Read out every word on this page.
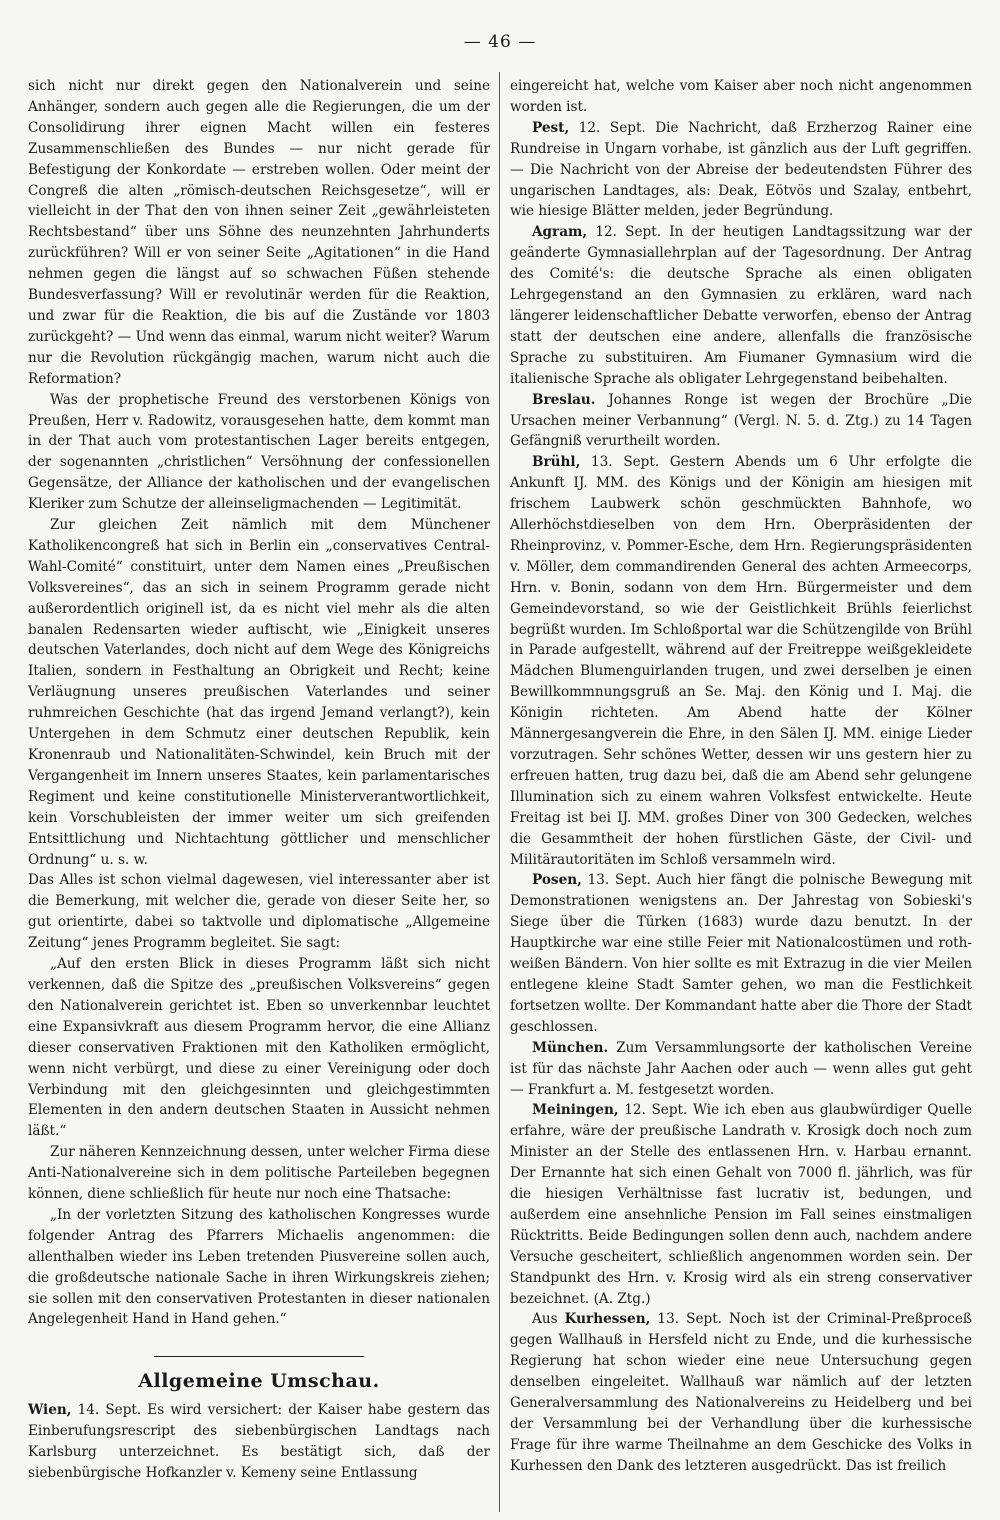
— 46 —

sich nicht nur direkt gegen den Nationalverein und seine Anhänger, sondern auch gegen alle die Regierungen, die um der Consolidirung ihrer eignen Macht willen ein festeres Zusammenschließen des Bundes — nur nicht gerade für Befestigung der Konkordate — erstreben wollen. Oder meint der Congreß die alten „römisch-deutschen Reichsgesetze“, will er vielleicht in der That den von ihnen seiner Zeit „gewährleisteten Rechtsbestand“ über uns Söhne des neunzehnten Jahrhunderts zurückführen? Will er von seiner Seite „Agitationen“ in die Hand nehmen gegen die längst auf so schwachen Füßen stehende Bundesverfassung? Will er revolutinär werden für die Reaktion, und zwar für die Reaktion, die bis auf die Zustände vor 1803 zurückgeht? — Und wenn das einmal, warum nicht weiter? Warum nur die Revolution rückgängig machen, warum nicht auch die Reformation?

Was der prophetische Freund des verstorbenen Königs von Preußen, Herr v. Radowitz, vorausgesehen hatte, dem kommt man in der That auch vom protestantischen Lager bereits entgegen, der sogenannten „christlichen“ Versöhnung der confessionellen Gegensätze, der Alliance der katholischen und der evangelischen Kleriker zum Schutze der alleinseligmachenden — Legitimität.

Zur gleichen Zeit nämlich mit dem Münchener Katholikencongreß hat sich in Berlin ein „conservatives Central-Wahl-Comité“ constituirt, unter dem Namen eines „Preußischen Volksvereines“, das an sich in seinem Programm gerade nicht außerordentlich originell ist, da es nicht viel mehr als die alten banalen Redensarten wieder auftischt, wie „Einigkeit unseres deutschen Vaterlandes, doch nicht auf dem Wege des Königreichs Italien, sondern in Festhaltung an Obrigkeit und Recht; keine Verläugnung unseres preußischen Vaterlandes und seiner ruhmreichen Geschichte (hat das irgend Jemand verlangt?), kein Untergehen in dem Schmutz einer deutschen Republik, kein Kronenraub und Nationalitäten-Schwindel, kein Bruch mit der Vergangenheit im Innern unseres Staates, kein parlamentarisches Regiment und keine constitutionelle Ministerverantwortlichkeit, kein Vorschubleisten der immer weiter um sich greifenden Entsittlichung und Nichtachtung göttlicher und menschlicher Ordnung“ u. s. w.

Das Alles ist schon vielmal dagewesen, viel interessanter aber ist die Bemerkung, mit welcher die, gerade von dieser Seite her, so gut orientirte, dabei so taktvolle und diplomatische „Allgemeine Zeitung“ jenes Programm begleitet. Sie sagt:

„Auf den ersten Blick in dieses Programm läßt sich nicht verkennen, daß die Spitze des „preußischen Volksvereins“ gegen den Nationalverein gerichtet ist. Eben so unverkennbar leuchtet eine Expansivkraft aus diesem Programm hervor, die eine Allianz dieser conservativen Fraktionen mit den Katholiken ermöglicht, wenn nicht verbürgt, und diese zu einer Vereinigung oder doch Verbindung mit den gleichgesinnten und gleichgestimmten Elementen in den andern deutschen Staaten in Aussicht nehmen läßt.“

Zur näheren Kennzeichnung dessen, unter welcher Firma diese Anti-Nationalvereine sich in dem politische Parteileben begegnen können, diene schließlich für heute nur noch eine Thatsache:

„In der vorletzten Sitzung des katholischen Kongresses wurde folgender Antrag des Pfarrers Michaelis angenommen: die allenthalben wieder ins Leben tretenden Piusvereine sollen auch, die großdeutsche nationale Sache in ihren Wirkungskreis ziehen; sie sollen mit den conservativen Protestanten in dieser nationalen Angelegenheit Hand in Hand gehen.“

Allgemeine Umschau.

Wien, 14. Sept. Es wird versichert: der Kaiser habe gestern das Einberufungsrescript des siebenbürgischen Landtags nach Karlsburg unterzeichnet. Es bestätigt sich, daß der siebenbürgische Hofkanzler v. Kemeny seine Entlassung

eingereicht hat, welche vom Kaiser aber noch nicht angenommen worden ist.

Pest, 12. Sept. Die Nachricht, daß Erzherzog Rainer eine Rundreise in Ungarn vorhabe, ist gänzlich aus der Luft gegriffen. — Die Nachricht von der Abreise der bedeutendsten Führer des ungarischen Landtages, als: Deak, Eötvös und Szalay, entbehrt, wie hiesige Blätter melden, jeder Begründung.

Agram, 12. Sept. In der heutigen Landtagssitzung war der geänderte Gymnasiallehrplan auf der Tagesordnung. Der Antrag des Comité's: die deutsche Sprache als einen obligaten Lehrgegenstand an den Gymnasien zu erklären, ward nach längerer leidenschaftlicher Debatte verworfen, ebenso der Antrag statt der deutschen eine andere, allenfalls die französische Sprache zu substituiren. Am Fiumaner Gymnasium wird die italienische Sprache als obligater Lehrgegenstand beibehalten.

Breslau. Johannes Ronge ist wegen der Brochüre „Die Ursachen meiner Verbannung“ (Vergl. N. 5. d. Ztg.) zu 14 Tagen Gefängniß verurtheilt worden.

Brühl, 13. Sept. Gestern Abends um 6 Uhr erfolgte die Ankunft IJ. MM. des Königs und der Königin am hiesigen mit frischem Laubwerk schön geschmückten Bahnhofe, wo Allerhöchstdieselben von dem Hrn. Oberpräsidenten der Rheinprovinz, v. Pommer-Esche, dem Hrn. Regierungspräsidenten v. Möller, dem commandirenden General des achten Armeecorps, Hrn. v. Bonin, sodann von dem Hrn. Bürgermeister und dem Gemeindevorstand, so wie der Geistlichkeit Brühls feierlichst begrüßt wurden. Im Schloßportal war die Schützengilde von Brühl in Parade aufgestellt, während auf der Freitreppe weißgekleidete Mädchen Blumenguirlanden trugen, und zwei derselben je einen Bewillkommnungsgruß an Se. Maj. den König und I. Maj. die Königin richteten. Am Abend hatte der Kölner Männergesangverein die Ehre, in den Sälen IJ. MM. einige Lieder vorzutragen. Sehr schönes Wetter, dessen wir uns gestern hier zu erfreuen hatten, trug dazu bei, daß die am Abend sehr gelungene Illumination sich zu einem wahren Volksfest entwickelte. Heute Freitag ist bei IJ. MM. großes Diner von 300 Gedecken, welches die Gesammtheit der hohen fürstlichen Gäste, der Civil- und Militärautoritäten im Schloß versammeln wird.

Posen, 13. Sept. Auch hier fängt die polnische Bewegung mit Demonstrationen wenigstens an. Der Jahrestag von Sobieski's Siege über die Türken (1683) wurde dazu benutzt. In der Hauptkirche war eine stille Feier mit Nationalcostümen und roth-weißen Bändern. Von hier sollte es mit Extrazug in die vier Meilen entlegene kleine Stadt Samter gehen, wo man die Festlichkeit fortsetzen wollte. Der Kommandant hatte aber die Thore der Stadt geschlossen.

München. Zum Versammlungsorte der katholischen Vereine ist für das nächste Jahr Aachen oder auch — wenn alles gut geht — Frankfurt a. M. festgesetzt worden.

Meiningen, 12. Sept. Wie ich eben aus glaubwürdiger Quelle erfahre, wäre der preußische Landrath v. Krosigk doch noch zum Minister an der Stelle des entlassenen Hrn. v. Harbau ernannt. Der Ernannte hat sich einen Gehalt von 7000 fl. jährlich, was für die hiesigen Verhältnisse fast lucrativ ist, bedungen, und außerdem eine ansehnliche Pension im Fall seines einstmaligen Rücktritts. Beide Bedingungen sollen denn auch, nachdem andere Versuche gescheitert, schließlich angenommen worden sein. Der Standpunkt des Hrn. v. Krosig wird als ein streng conservativer bezeichnet. (A. Ztg.)

Aus Kurhessen, 13. Sept. Noch ist der Criminal-Preßproceß gegen Wallhauß in Hersfeld nicht zu Ende, und die kurhessische Regierung hat schon wieder eine neue Untersuchung gegen denselben eingeleitet. Wallhauß war nämlich auf der letzten Generalversammlung des Nationalvereins zu Heidelberg und bei der Versammlung bei der Verhandlung über die kurhessische Frage für ihre warme Theilnahme an dem Geschicke des Volks in Kurhessen den Dank des letzteren ausgedrückt. Das ist freilich
